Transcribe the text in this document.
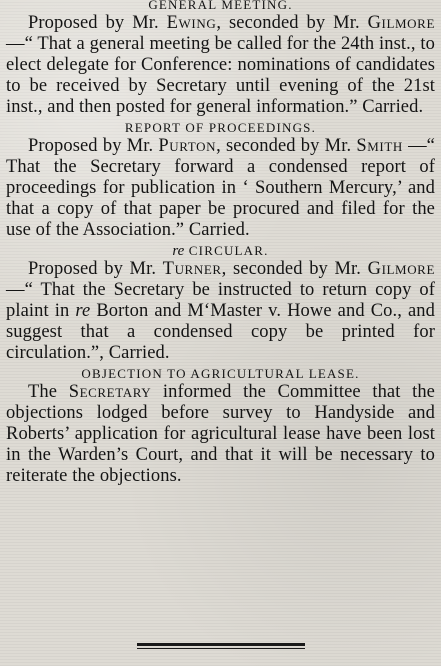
GENERAL MEETING.

Proposed by Mr. Ewing, seconded by Mr. Gilmore—“ That a general meeting be called for the 24th inst., to elect delegate for Conference: nominations of candidates to be received by Secretary until evening of the 21st inst., and then posted for general information.” Carried.

REPORT OF PROCEEDINGS.

Proposed by Mr. Purton, seconded by Mr. Smith —“ That the Secretary forward a condensed report of proceedings for publication in ‘ Southern Mercury,’ and that a copy of that paper be procured and filed for the use of the Association.” Carried.

re CIRCULAR.

Proposed by Mr. Turner, seconded by Mr. Gilmore—“ That the Secretary be instructed to return copy of plaint in re Borton and M‘Master v. Howe and Co., and suggest that a condensed copy be printed for circulation.”, Carried.

OBJECTION TO AGRICULTURAL LEASE.

The Secretary informed the Committee that the objections lodged before survey to Handyside and Roberts’ application for agricultural lease have been lost in the Warden’s Court, and that it will be necessary to reiterate the objections.
